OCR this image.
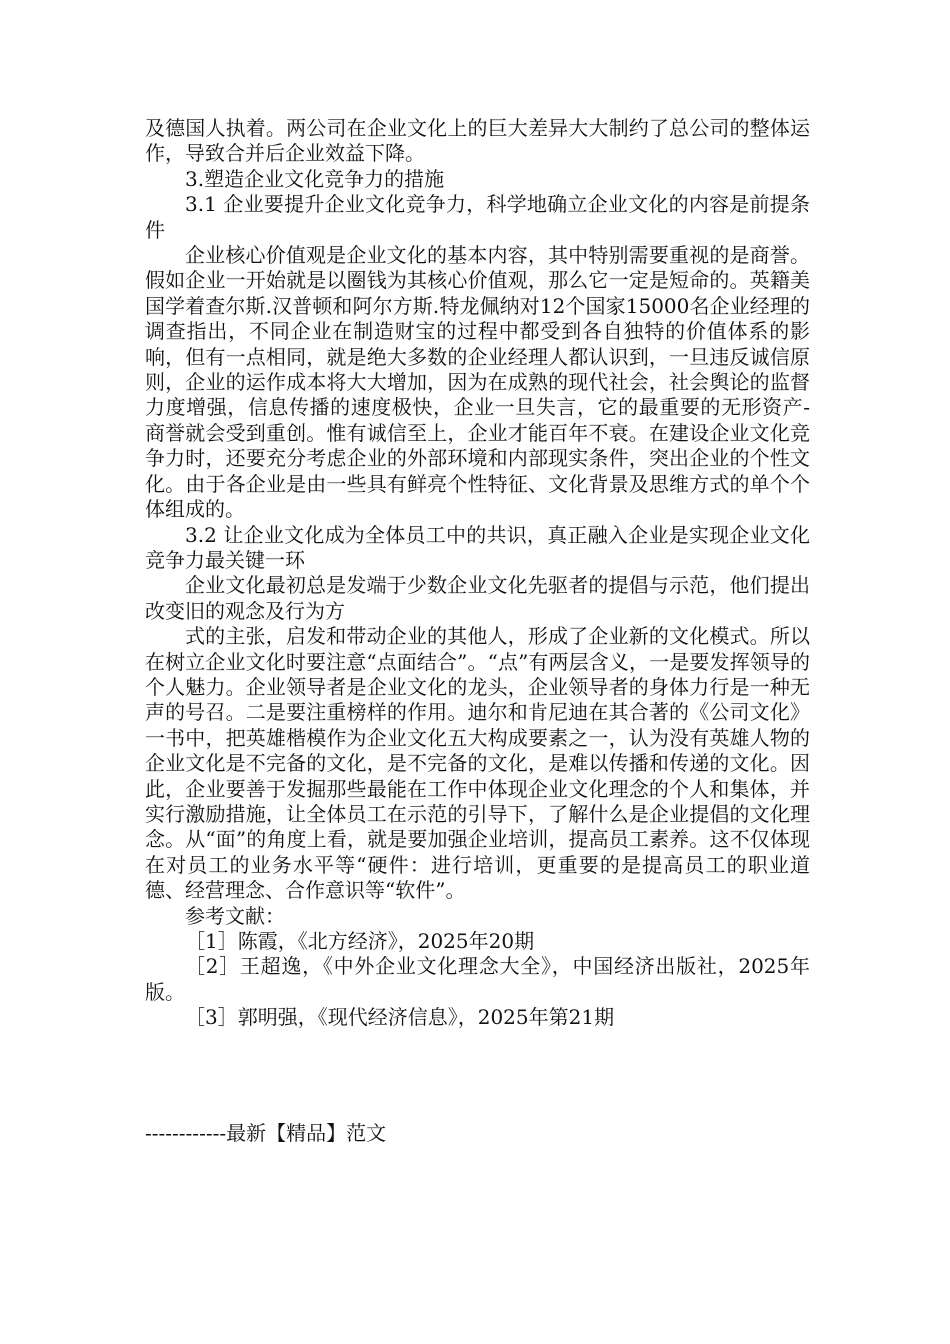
及德国人执着。两公司在企业文化上的巨大差异大大制约了总公司的整体运作，导致合并后企业效益下降。

3.塑造企业文化竞争力的措施

3.1 企业要提升企业文化竞争力，科学地确立企业文化的内容是前提条件

企业核心价值观是企业文化的基本内容，其中特别需要重视的是商誉。假如企业一开始就是以圈钱为其核心价值观，那么它一定是短命的。英籍美国学着查尔斯.汉普顿和阿尔方斯.特龙佩纳对12个国家15000名企业经理的调查指出，不同企业在制造财宝的过程中都受到各自独特的价值体系的影响，但有一点相同，就是绝大多数的企业经理人都认识到，一旦违反诚信原则，企业的运作成本将大大增加，因为在成熟的现代社会，社会舆论的监督力度增强，信息传播的速度极快，企业一旦失言，它的最重要的无形资产-商誉就会受到重创。惟有诚信至上，企业才能百年不衰。在建设企业文化竞争力时，还要充分考虑企业的外部环境和内部现实条件，突出企业的个性文化。由于各企业是由一些具有鲜亮个性特征、文化背景及思维方式的单个个体组成的。

3.2 让企业文化成为全体员工中的共识，真正融入企业是实现企业文化竞争力最关键一环

企业文化最初总是发端于少数企业文化先驱者的提倡与示范，他们提出改变旧的观念及行为方

式的主张，启发和带动企业的其他人，形成了企业新的文化模式。所以在树立企业文化时要注意“点面结合”。“点”有两层含义，一是要发挥领导的个人魅力。企业领导者是企业文化的龙头，企业领导者的身体力行是一种无声的号召。二是要注重榜样的作用。迪尔和肯尼迪在其合著的《公司文化》一书中，把英雄楷模作为企业文化五大构成要素之一，认为没有英雄人物的企业文化是不完备的文化，是不完备的文化，是难以传播和传递的文化。因此，企业要善于发掘那些最能在工作中体现企业文化理念的个人和集体，并实行激励措施，让全体员工在示范的引导下，了解什么是企业提倡的文化理念。从“面”的角度上看，就是要加强企业培训，提高员工素养。这不仅体现在对员工的业务水平等“硬件：进行培训，更重要的是提高员工的职业道德、经营理念、合作意识等“软件”。

参考文献：

［1］陈霞，《北方经济》，2025年20期

［2］王超逸，《中外企业文化理念大全》，中国经济出版社，2025年版。

［3］郭明强，《现代经济信息》，2025年第21期

------------最新【精品】范文
